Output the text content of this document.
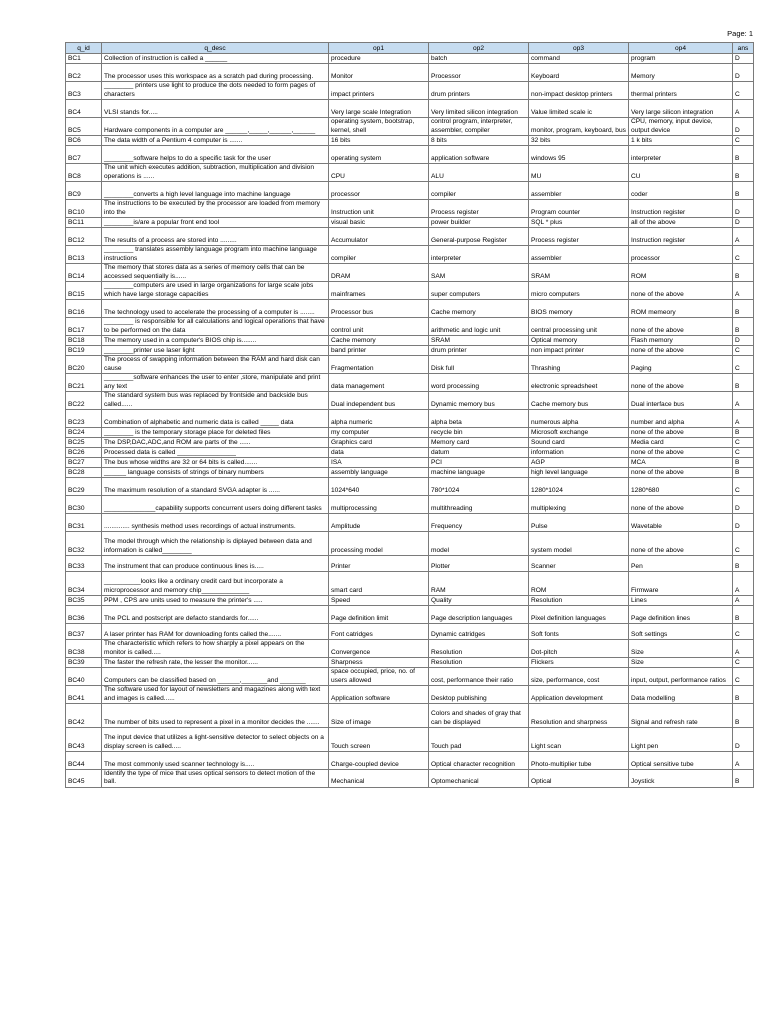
Page: 1
q_id	q_desc	op1	op2	op3	op4	ans
BC1	Collection of instruction is called a ______	procedure	batch	command	program	D
BC2	The processor uses this workspace as a scratch pad during processing.	Monitor	Processor	Keyboard	Memory	D
BC3	________ printers use light to produce the dots needed to form pages of characters	impact printers	drum printers	non-impact desktop printers	thermal printers	C
BC4	VLSI stands for.....	Very large scale Integration	Very limited silicon integration	Value limited scale ic	Very large silicon integration	A
BC5	Hardware components in a computer are ______,_____,______,______	operating system, bootstrap, kernel, shell	control program, interpreter, assembler, compiler	monitor, program, keyboard, bus	CPU, memory, input device, output device	D
BC6	The data width of a Pentium 4 computer is .......	16 bits	8 bits	32 bits	1 k bits	C
BC7	________software helps to do a specific task for the user	operating system	application software	windows 95	interpreter	B
BC8	The unit which executes addition, subtraction, multiplication and division operations is ......	CPU	ALU	MU	CU	B
BC9	________converts a high level language into machine language	processor	compiler	assembler	coder	B
BC10	The instructions to be executed by the processor are loaded from memory into the	Instruction unit	Process register	Program counter	Instruction register	D
BC11	________is/are a popular front end tool	visual basic	power builder	SQL * plus	all of the above	D
BC12	The results of a process are stored into .........	Accumulator	General-purpose Register	Process register	Instruction register	A
BC13	________ translates assembly language program into machine language instructions	compiler	interpreter	assembler	processor	C
BC14	The memory that stores data as a series of memory cells that can be accessed sequentially is......	DRAM	SAM	SRAM	ROM	B
BC15	________computers are used in large organizations for large scale jobs which have large storage capacities	mainframes	super computers	micro computers	none of the above	A
BC16	The technology used to accelerate the processing of a computer is ........	Processor bus	Cache memory	BIOS memory	ROM memeory	B
BC17	________ is responsible for all calculations and logical operations that have to be performed on the data	control unit	arithmetic and logic unit	central processing unit	none of the above	B
BC18	The memory used in a computer's BIOS chip is........	Cache memory	SRAM	Optical memory	Flash memory	D
BC19	________printer use laser light	band printer	drum printer	non impact printer	none of the above	C
BC20	The process of swapping information between the RAM and hard disk can cause	Fragmentation	Disk full	Thrashing	Paging	C
BC21	________software enhances the user to enter ,store, manipulate and print any text	data management	word processing	electronic spreadsheet	none of the above	B
BC22	The standard system bus was replaced by frontside and backside bus called......	Dual independent bus	Dynamic memory bus	Cache memory bus	Dual interface bus	A
BC23	Combination of alphabetic and numeric data is called _____ data	alpha numeric	alpha beta	numerous alpha	number and alpha	A
BC24	________ is the temporary storage place for deleted files	my computer	recycle bin	Microsoft exchange	none of the above	B
BC25	The DSP,DAC,ADC,and ROM are parts of the ......	Graphics card	Memory card	Sound card	Media card	C
BC26	Processed data is called ________________	data	datum	information	none of the above	C
BC27	The bus whose widths are 32 or 64 bits is called.......	ISA	PCI	AGP	MCA	B
BC28	______ language consists of strings of binary numbers	assembly language	machine language	high level language	none of the above	B
BC29	The maximum resolution of a standard SVGA adapter is ......	1024*640	780*1024	1280*1024	1280*680	C
BC30	______________capability supports concurrent users doing different tasks	multiprocessing	multithreading	multiplexing	none of the above	D
BC31	.............. synthesis method uses recordings of actual instruments.	Amplitude	Frequency	Pulse	Wavetable	D
BC32	The model through which the relationship is diplayed between data and information is called________	processing model	model	system model	none of the above	C
BC33	The instrument that can produce continuous lines is.....	Printer	Plotter	Scanner	Pen	B
BC34	__________looks like a ordinary credit card but incorporate a microprocessor and memory chip_____________	smart card	RAM	ROM	Firmware	A
BC35	PPM , CPS are units used to measure the printer's .....	Speed	Quality	Resolution	Lines	A
BC36	The PCL and postscript are defacto standards for......	Page definition limit	Page description languages	Pixel definition languages	Page definition lines	B
BC37	A laser printer has RAM for downloading fonts called the.......	Font catridges	Dynamic catridges	Soft fonts	Soft settings	C
BC38	The characteristic which refers to how sharply a pixel appears on the monitor is called.....	Convergence	Resolution	Dot-pitch	Size	A
BC39	The faster the refresh rate, the lesser the monitor......	Sharpness	Resolution	Flickers	Size	C
BC40	Computers can be classified based on ______,_______and _______	space occupied, price, no. of users allowed	cost, performance their ratio	size, performance, cost	input, output, performance ratios	C
BC41	The software used for layout of newsletters and magazines along with text and images is called......	Application software	Desktop publishing	Application development	Data modelling	B
BC42	The number of bits used to represent a pixel in a monitor decides the .......	Size of image	Colors and shades of gray that can be displayed	Resolution and sharpness	Signal and refresh rate	B
BC43	The input device that utilizes a light-sensitive detector to select objects on a display screen is called.....	Touch screen	Touch pad	Light scan	Light pen	D
BC44	The most commonly used scanner technology is.....	Charge-coupled device	Optical character recognition	Photo-multiplier tube	Optical sensitive tube	A
BC45	Identify the type of mice that uses optical sensors to detect motion of the ball.	Mechanical	Optomechanical	Optical	Joystick	B
